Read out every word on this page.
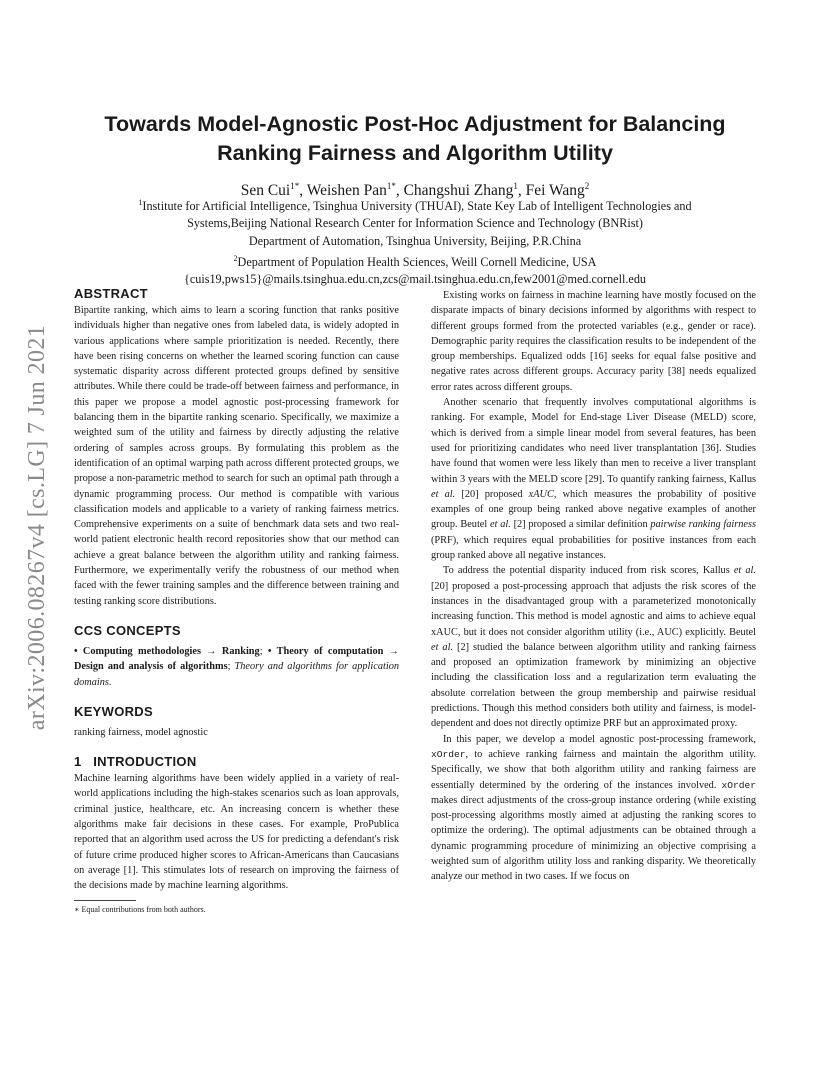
arXiv:2006.08267v4 [cs.LG] 7 Jun 2021
Towards Model-Agnostic Post-Hoc Adjustment for Balancing
Ranking Fairness and Algorithm Utility
Sen Cui$^{1*}$, Weishen Pan$^{1*}$, Changshui Zhang$^1$, Fei Wang$^2$
$^1$Institute for Artificial Intelligence, Tsinghua University (THUAI), State Key Lab of Intelligent Technologies and
Systems,Beijing National Research Center for Information Science and Technology (BNRist)
Department of Automation, Tsinghua University, Beijing, P.R.China
$^2$Department of Population Health Sciences, Weill Cornell Medicine, USA
{cuis19,pws15}@mails.tsinghua.edu.cn,zcs@mail.tsinghua.edu.cn,few2001@med.cornell.edu
ABSTRACT

Bipartite ranking, which aims to learn a scoring function that ranks positive individuals higher than negative ones from labeled data, is widely adopted in various applications where sample prioritization is needed. Recently, there have been rising concerns on whether the learned scoring function can cause systematic disparity across different protected groups defined by sensitive attributes. While there could be trade-off between fairness and performance, in this paper we propose a model agnostic post-processing framework for balancing them in the bipartite ranking scenario. Specifically, we maximize a weighted sum of the utility and fairness by directly adjusting the relative ordering of samples across groups. By formulating this problem as the identification of an optimal warping path across different protected groups, we propose a non-parametric method to search for such an optimal path through a dynamic programming process. Our method is compatible with various classification models and applicable to a variety of ranking fairness metrics. Comprehensive experiments on a suite of benchmark data sets and two real-world patient electronic health record repositories show that our method can achieve a great balance between the algorithm utility and ranking fairness. Furthermore, we experimentally verify the robustness of our method when faced with the fewer training samples and the difference between training and testing ranking score distributions.

CCS CONCEPTS

• Computing methodologies → Ranking; • Theory of computation → Design and analysis of algorithms; Theory and algorithms for application domains.

KEYWORDS

ranking fairness, model agnostic

1   INTRODUCTION

Machine learning algorithms have been widely applied in a variety of real-world applications including the high-stakes scenarios such as loan approvals, criminal justice, healthcare, etc. An increasing concern is whether these algorithms make fair decisions in these cases. For example, ProPublica reported that an algorithm used across the US for predicting a defendant's risk of future crime produced higher scores to African-Americans than Caucasians on average [1]. This stimulates lots of research on improving the fairness of the decisions made by machine learning algorithms.

∗ Equal contributions from both authors.

Existing works on fairness in machine learning have mostly focused on the disparate impacts of binary decisions informed by algorithms with respect to different groups formed from the protected variables (e.g., gender or race). Demographic parity requires the classification results to be independent of the group memberships. Equalized odds [16] seeks for equal false positive and negative rates across different groups. Accuracy parity [38] needs equalized error rates across different groups.

Another scenario that frequently involves computational algorithms is ranking. For example, Model for End-stage Liver Disease (MELD) score, which is derived from a simple linear model from several features, has been used for prioritizing candidates who need liver transplantation [36]. Studies have found that women were less likely than men to receive a liver transplant within 3 years with the MELD score [29]. To quantify ranking fairness, Kallus et al. [20] proposed xAUC, which measures the probability of positive examples of one group being ranked above negative examples of another group. Beutel et al. [2] proposed a similar definition pairwise ranking fairness (PRF), which requires equal probabilities for positive instances from each group ranked above all negative instances.

To address the potential disparity induced from risk scores, Kallus et al. [20] proposed a post-processing approach that adjusts the risk scores of the instances in the disadvantaged group with a parameterized monotonically increasing function. This method is model agnostic and aims to achieve equal xAUC, but it does not consider algorithm utility (i.e., AUC) explicitly. Beutel et al. [2] studied the balance between algorithm utility and ranking fairness and proposed an optimization framework by minimizing an objective including the classification loss and a regularization term evaluating the absolute correlation between the group membership and pairwise residual predictions. Though this method considers both utility and fairness, is model-dependent and does not directly optimize PRF but an approximated proxy.

In this paper, we develop a model agnostic post-processing framework, xOrder, to achieve ranking fairness and maintain the algorithm utility. Specifically, we show that both algorithm utility and ranking fairness are essentially determined by the ordering of the instances involved. xOrder makes direct adjustments of the cross-group instance ordering (while existing post-processing algorithms mostly aimed at adjusting the ranking scores to optimize the ordering). The optimal adjustments can be obtained through a dynamic programming procedure of minimizing an objective comprising a weighted sum of algorithm utility loss and ranking disparity. We theoretically analyze our method in two cases. If we focus on
